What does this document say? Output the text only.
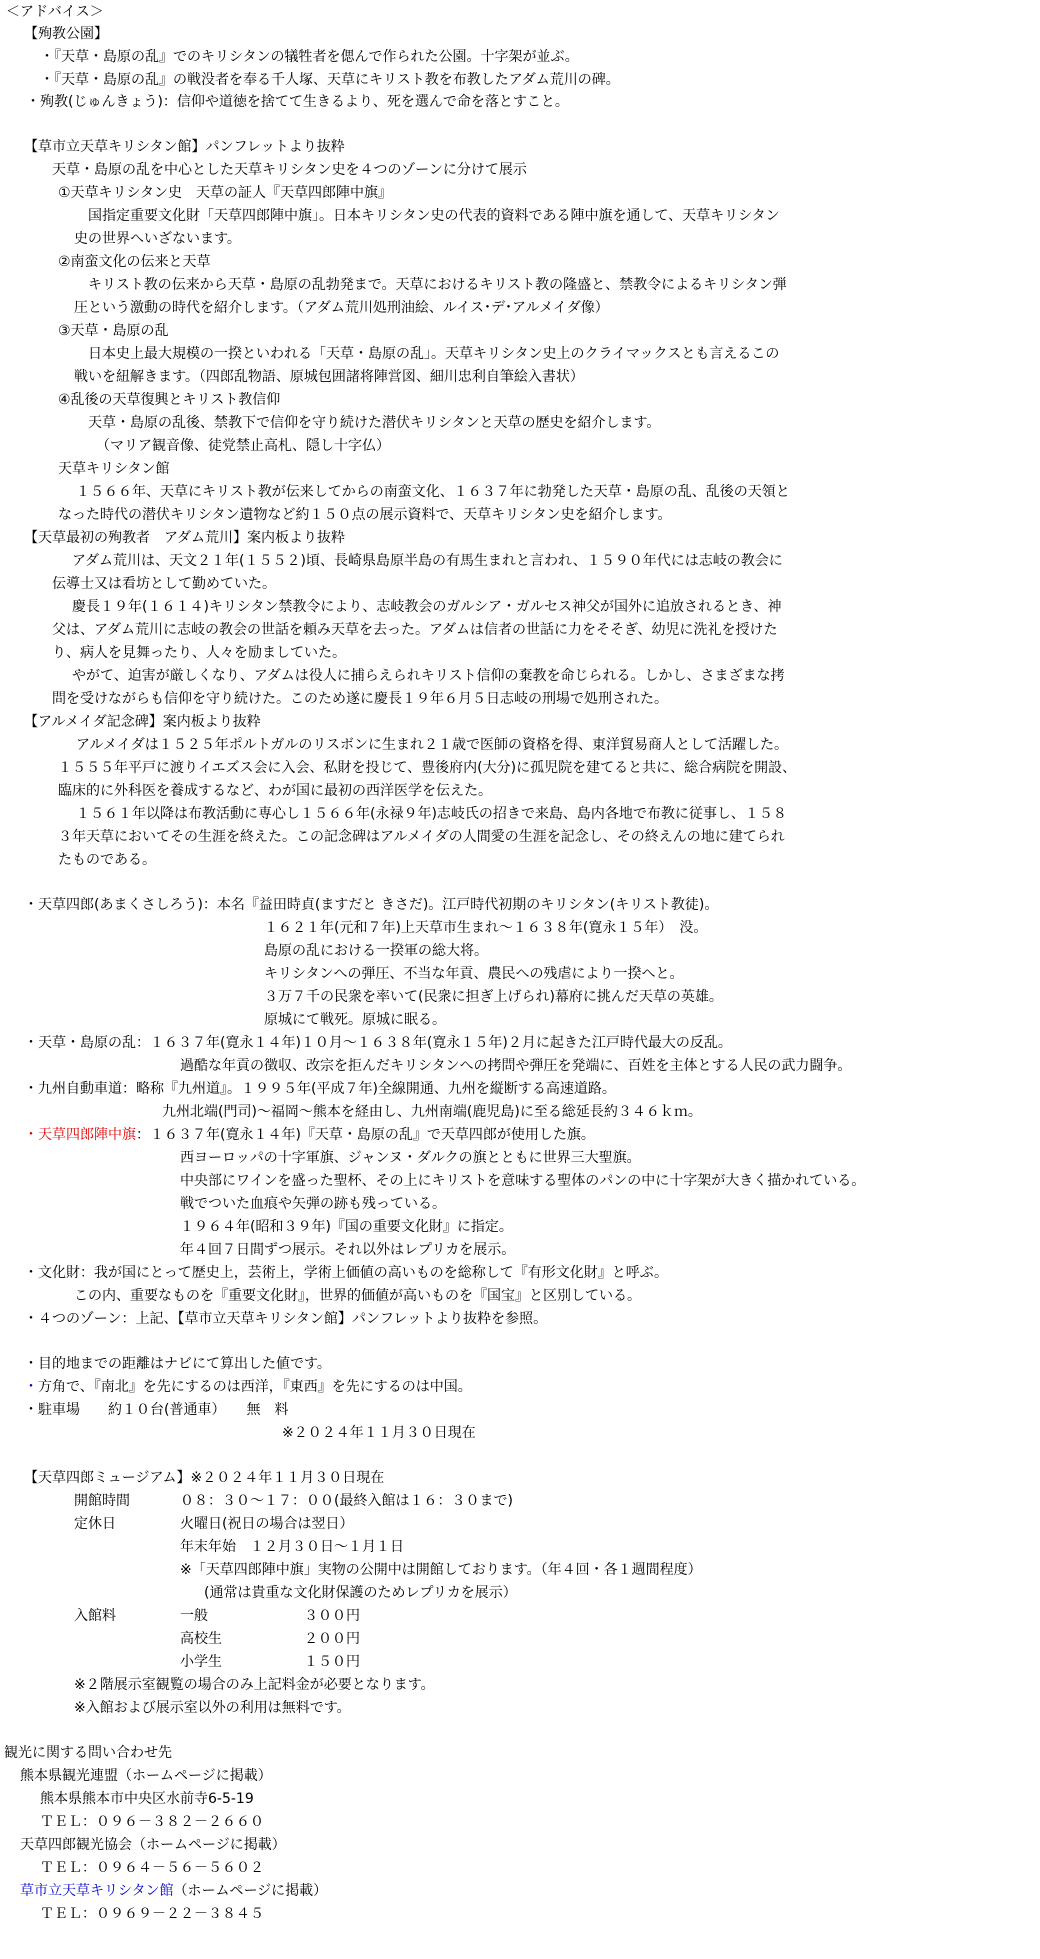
＜アドバイス＞
【殉教公園】
・『天草・島原の乱』でのキリシタンの犠牲者を偲んで作られた公園。十字架が並ぶ。
・『天草・島原の乱』の戦没者を奉る千人塚、天草にキリスト教を布教したアダム荒川の碑。
・殉教(じゅんきょう)：信仰や道徳を捨てて生きるより、死を選んで命を落とすこと。
【草市立天草キリシタン館】パンフレットより抜粋
天草・島原の乱を中心とした天草キリシタン史を４つのゾーンに分けて展示
①天草キリシタン史　天草の証人『天草四郎陣中旗』
国指定重要文化財「天草四郎陣中旗」。日本キリシタン史の代表的資料である陣中旗を通して、天草キリシタン
史の世界へいざないます。
②南蛮文化の伝来と天草
キリスト教の伝来から天草・島原の乱勃発まで。天草におけるキリスト教の隆盛と、禁教令によるキリシタン弾
圧という激動の時代を紹介します。（アダム荒川処刑油絵、ルイス･デ･アルメイダ像）
③天草・島原の乱
日本史上最大規模の一揆といわれる「天草・島原の乱」。天草キリシタン史上のクライマックスとも言えるこの
戦いを紐解きます。（四郎乱物語、原城包囲諸将陣営図、細川忠利自筆絵入書状）
④乱後の天草復興とキリスト教信仰
天草・島原の乱後、禁教下で信仰を守り続けた潜伏キリシタンと天草の歴史を紹介します。
（マリア観音像、徒党禁止高札、隠し十字仏）
天草キリシタン館
１５６６年、天草にキリスト教が伝来してからの南蛮文化、１６３７年に勃発した天草・島原の乱、乱後の天領と
なった時代の潜伏キリシタン遺物など約１５０点の展示資料で、天草キリシタン史を紹介します。
【天草最初の殉教者　アダム荒川】案内板より抜粋
アダム荒川は、天文２１年(１５５２)頃、長崎県島原半島の有馬生まれと言われ、１５９０年代には志岐の教会に
伝導士又は看坊として勤めていた。
慶長１９年(１６１４)キリシタン禁教令により、志岐教会のガルシア・ガルセス神父が国外に追放されるとき、神
父は、アダム荒川に志岐の教会の世話を頼み天草を去った。アダムは信者の世話に力をそそぎ、幼児に洗礼を授けた
り、病人を見舞ったり、人々を励ましていた。
やがて、迫害が厳しくなり、アダムは役人に捕らえられキリスト信仰の棄教を命じられる。しかし、さまざまな拷
問を受けながらも信仰を守り続けた。このため遂に慶長１９年６月５日志岐の刑場で処刑された。
【アルメイダ記念碑】案内板より抜粋
アルメイダは１５２５年ポルトガルのリスボンに生まれ２１歳で医師の資格を得、東洋貿易商人として活躍した。
１５５５年平戸に渡りイエズス会に入会、私財を投じて、豊後府内(大分)に孤児院を建てると共に、総合病院を開設、
臨床的に外科医を養成するなど、わが国に最初の西洋医学を伝えた。
１５６１年以降は布教活動に専心し１５６６年(永禄９年)志岐氏の招きで来島、島内各地で布教に従事し、１５８
３年天草においてその生涯を終えた。この記念碑はアルメイダの人間愛の生涯を記念し、その終えんの地に建てられ
たものである。
・天草四郎(あまくさしろう)：本名『益田時貞(ますだと きさだ)。江戸時代初期のキリシタン(キリスト教徒)。
１６２１年(元和７年)上天草市生まれ～１６３８年(寛永１５年）　没。
島原の乱における一揆軍の総大将。
キリシタンへの弾圧、不当な年貢、農民への残虐により一揆へと。
３万７千の民衆を率いて(民衆に担ぎ上げられ)幕府に挑んだ天草の英雄。
原城にて戦死。原城に眠る。
・天草・島原の乱：１６３７年(寛永１４年)１０月～１６３８年(寛永１５年)２月に起きた江戸時代最大の反乱。
過酷な年貢の徴収、改宗を拒んだキリシタンへの拷問や弾圧を発端に、百姓を主体とする人民の武力闘争。
・九州自動車道：略称『九州道』。１９９５年(平成７年)全線開通、九州を縦断する高速道路。
九州北端(門司)～福岡～熊本を経由し、九州南端(鹿児島)に至る総延長約３４６ｋｍ。
・天草四郎陣中旗：１６３７年(寛永１４年)『天草・島原の乱』で天草四郎が使用した旗。
西ヨーロッパの十字軍旗、ジャンヌ・ダルクの旗とともに世界三大聖旗。
中央部にワインを盛った聖杯、その上にキリストを意味する聖体のパンの中に十字架が大きく描かれている。
戦でついた血痕や矢弾の跡も残っている。
１９６４年(昭和３９年)『国の重要文化財』に指定。
年４回７日間ずつ展示。それ以外はレプリカを展示。
・文化財：我が国にとって歴史上，芸術上，学術上価値の高いものを総称して『有形文化財』と呼ぶ。
この内、重要なものを『重要文化財』，世界的価値が高いものを『国宝』と区別している。
・４つのゾーン：上記、【草市立天草キリシタン館】パンフレットより抜粋を参照。
・目的地までの距離はナビにて算出した値です。
・方角で、『南北』を先にするのは西洋，『東西』を先にするのは中国。
・駐車場　　約１０台(普通車）　　無　料
※２０２４年１１月３０日現在
【天草四郎ミュージアム】※２０２４年１１月３０日現在
開館時間	０８：３０～１７：００(最終入館は１６：３０まで)
定休日	火曜日(祝日の場合は翌日）
年末年始　１２月３０日～１月１日
※「天草四郎陣中旗」実物の公開中は開館しております。（年４回・各１週間程度）
(通常は貴重な文化財保護のためレプリカを展示）
入館料	一般	３００円
高校生	２００円
小学生	１５０円
※２階展示室観覧の場合のみ上記料金が必要となります。
※入館および展示室以外の利用は無料です。
観光に関する問い合わせ先
熊本県観光連盟（ホームページに掲載）
熊本県熊本市中央区水前寺6-5-19
ＴＥＬ：０９６－３８２－２６６０
天草四郎観光協会（ホームページに掲載）
ＴＥＬ：０９６４－５６－５６０２
草市立天草キリシタン館（ホームページに掲載）
ＴＥＬ：０９６９－２２－３８４５
